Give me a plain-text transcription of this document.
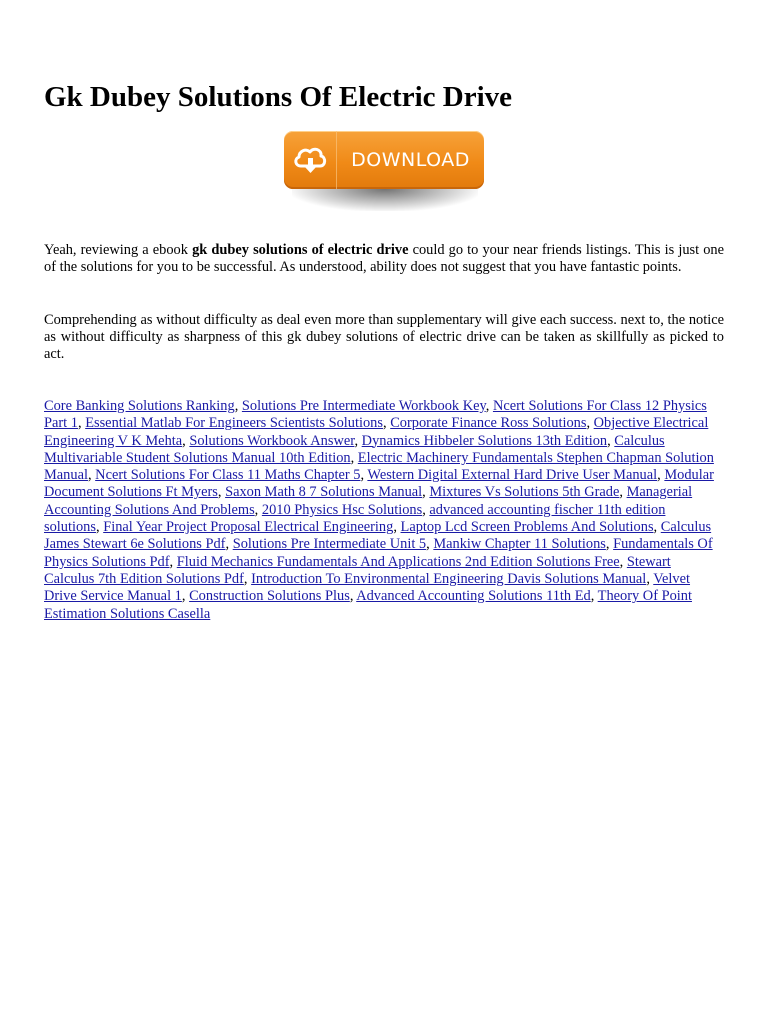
Gk Dubey Solutions Of Electric Drive
DOWNLOAD

Yeah, reviewing a ebook gk dubey solutions of electric drive could go to your near friends listings. This is just one of the solutions for you to be successful. As understood, ability does not suggest that you have fantastic points.

Comprehending as without difficulty as deal even more than supplementary will give each success. next to, the notice as without difficulty as sharpness of this gk dubey solutions of electric drive can be taken as skillfully as picked to act.

Core Banking Solutions Ranking, Solutions Pre Intermediate Workbook Key, Ncert Solutions For Class 12 Physics Part 1, Essential Matlab For Engineers Scientists Solutions, Corporate Finance Ross Solutions, Objective Electrical Engineering V K Mehta, Solutions Workbook Answer, Dynamics Hibbeler Solutions 13th Edition, Calculus Multivariable Student Solutions Manual 10th Edition, Electric Machinery Fundamentals Stephen Chapman Solution Manual, Ncert Solutions For Class 11 Maths Chapter 5, Western Digital External Hard Drive User Manual, Modular Document Solutions Ft Myers, Saxon Math 8 7 Solutions Manual, Mixtures Vs Solutions 5th Grade, Managerial Accounting Solutions And Problems, 2010 Physics Hsc Solutions, advanced accounting fischer 11th edition solutions, Final Year Project Proposal Electrical Engineering, Laptop Lcd Screen Problems And Solutions, Calculus James Stewart 6e Solutions Pdf, Solutions Pre Intermediate Unit 5, Mankiw Chapter 11 Solutions, Fundamentals Of Physics Solutions Pdf, Fluid Mechanics Fundamentals And Applications 2nd Edition Solutions Free, Stewart Calculus 7th Edition Solutions Pdf, Introduction To Environmental Engineering Davis Solutions Manual, Velvet Drive Service Manual 1, Construction Solutions Plus, Advanced Accounting Solutions 11th Ed, Theory Of Point Estimation Solutions Casella
